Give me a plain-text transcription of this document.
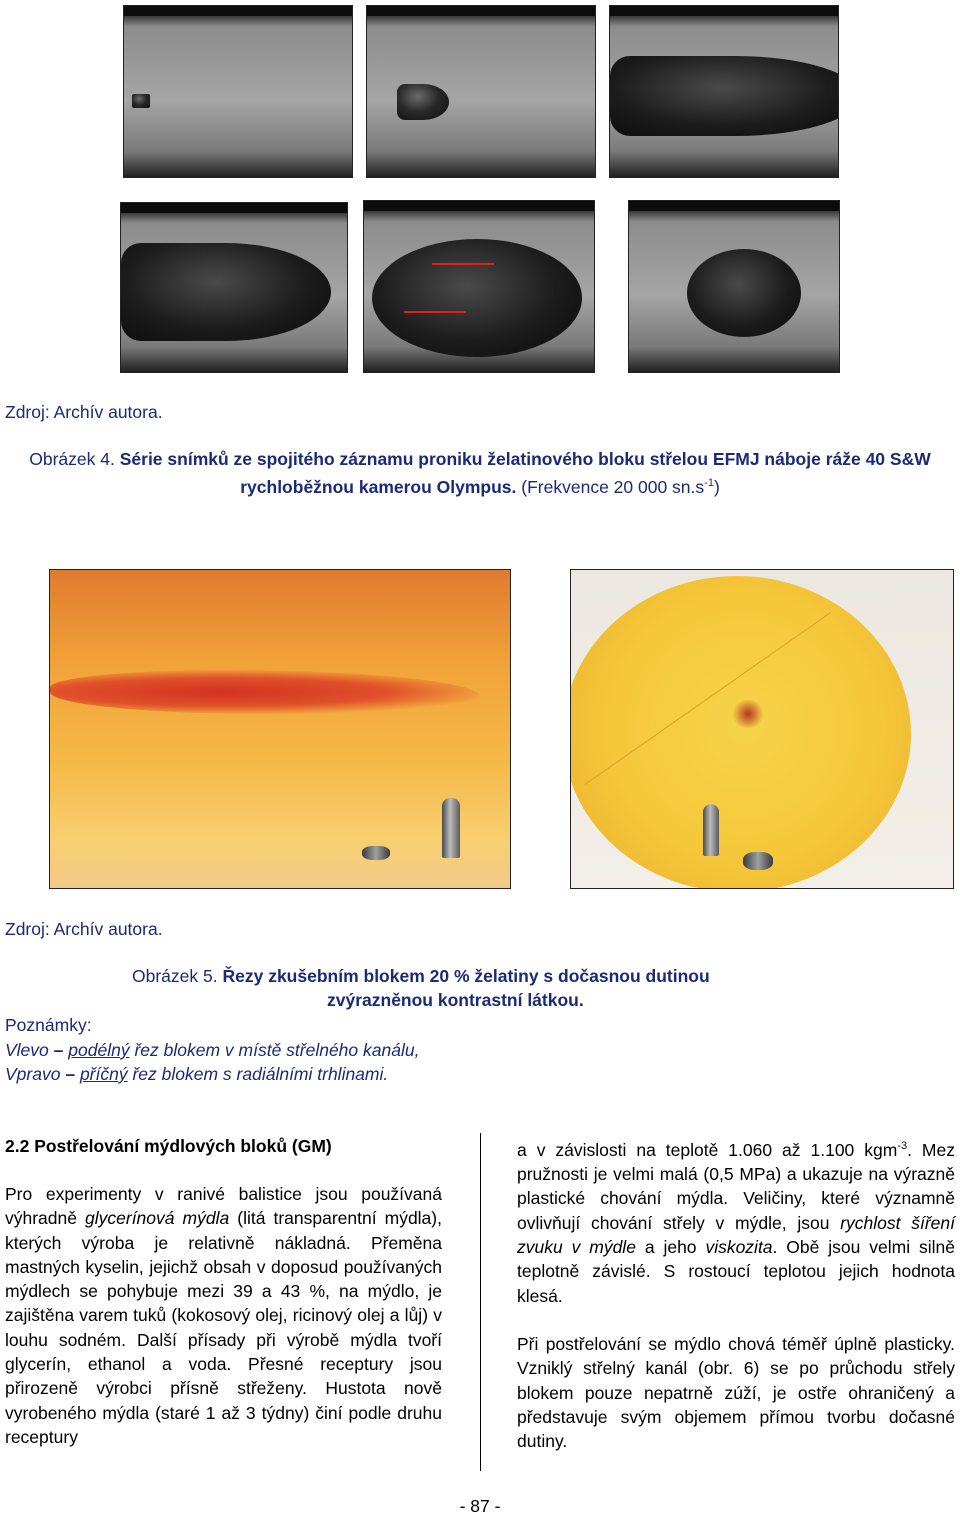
Zdroj: Archív autora.
Obrázek 4. Série snímků ze spojitého záznamu proniku želatinového bloku střelou EFMJ náboje ráže 40 S&W rychloběžnou kamerou Olympus. (Frekvence 20 000 $sn.s^{-1}$)
Zdroj: Archív autora.
Obrázek 5. Řezy zkušebním blokem 20 % želatiny s dočasnou dutinou
zvýrazněnou kontrastní látkou.
Poznámky:
Vlevo – podélný řez blokem v místě střelného kanálu,
Vpravo – příčný řez blokem s radiálními trhlinami.
2.2 Postřelování mýdlových bloků (GM)

Pro experimenty v ranivé balistice jsou používaná výhradně glycerínová mýdla (litá transparentní mýdla), kterých výroba je relativně nákladná. Přeměna mastných kyselin, jejichž obsah v doposud používaných mýdlech se pohybuje mezi 39 a 43 %, na mýdlo, je zajištěna varem tuků (kokosový olej, ricinový olej a lůj) v louhu sodném. Další přísady při výrobě mýdla tvoří glycerín, ethanol a voda. Přesné receptury jsou přirozeně výrobci přísně střeženy. Hustota nově vyrobeného mýdla (staré 1 až 3 týdny) činí podle druhu receptury

a v závislosti na teplotě 1.060 až 1.100 kgm$^{-3}$. Mez pružnosti je velmi malá (0,5 MPa) a ukazuje na výrazně plastické chování mýdla. Veličiny, které významně ovlivňují chování střely v mýdle, jsou rychlost šíření zvuku v mýdle a jeho viskozita. Obě jsou velmi silně teplotně závislé. S rostoucí teplotou jejich hodnota klesá.

Při postřelování se mýdlo chová téměř úplně plasticky. Vzniklý střelný kanál (obr. 6) se po průchodu střely blokem pouze nepatrně zúží, je ostře ohraničený a představuje svým objemem přímou tvorbu dočasné dutiny.

- 87 -
